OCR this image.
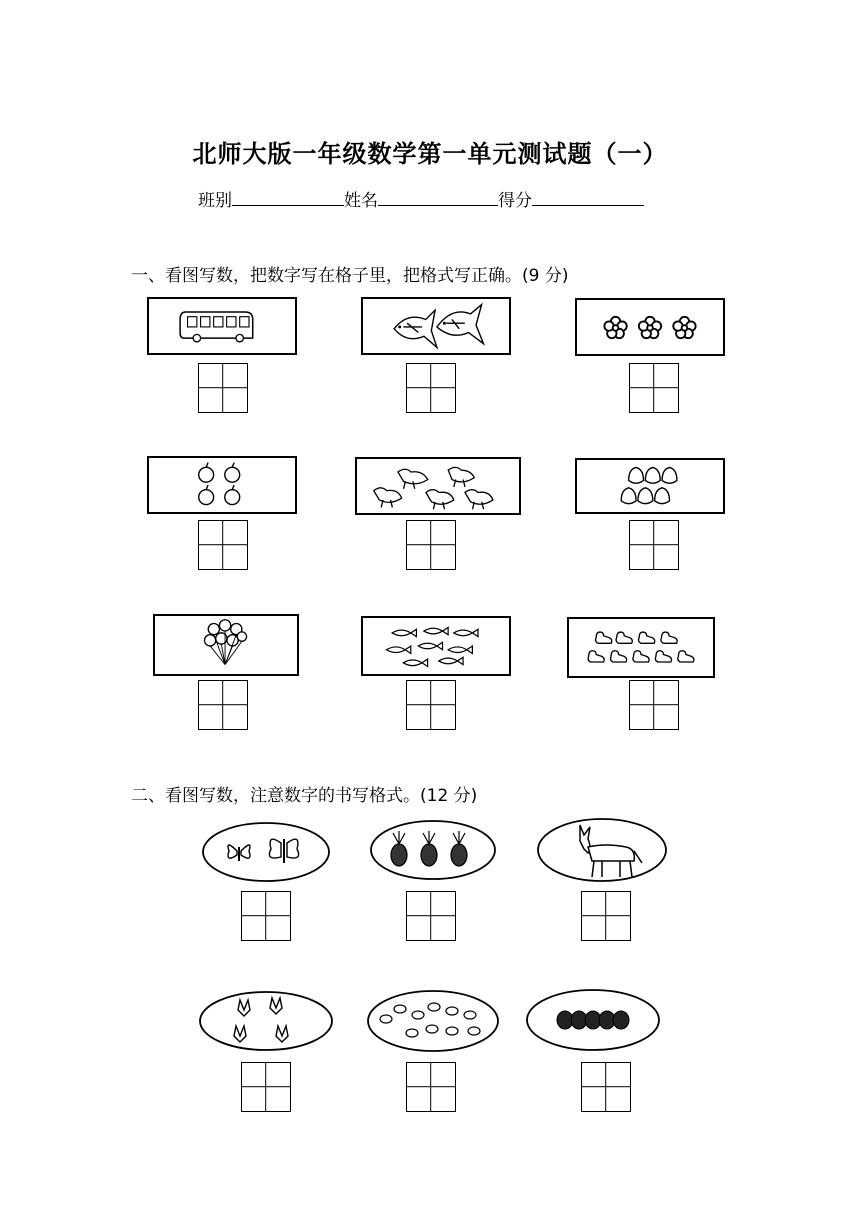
北师大版一年级数学第一单元测试题（一）
班别	姓名	得分
一、看图写数，把数字写在格子里，把格式写正确。(9 分)
二、看图写数，注意数字的书写格式。(12 分)
